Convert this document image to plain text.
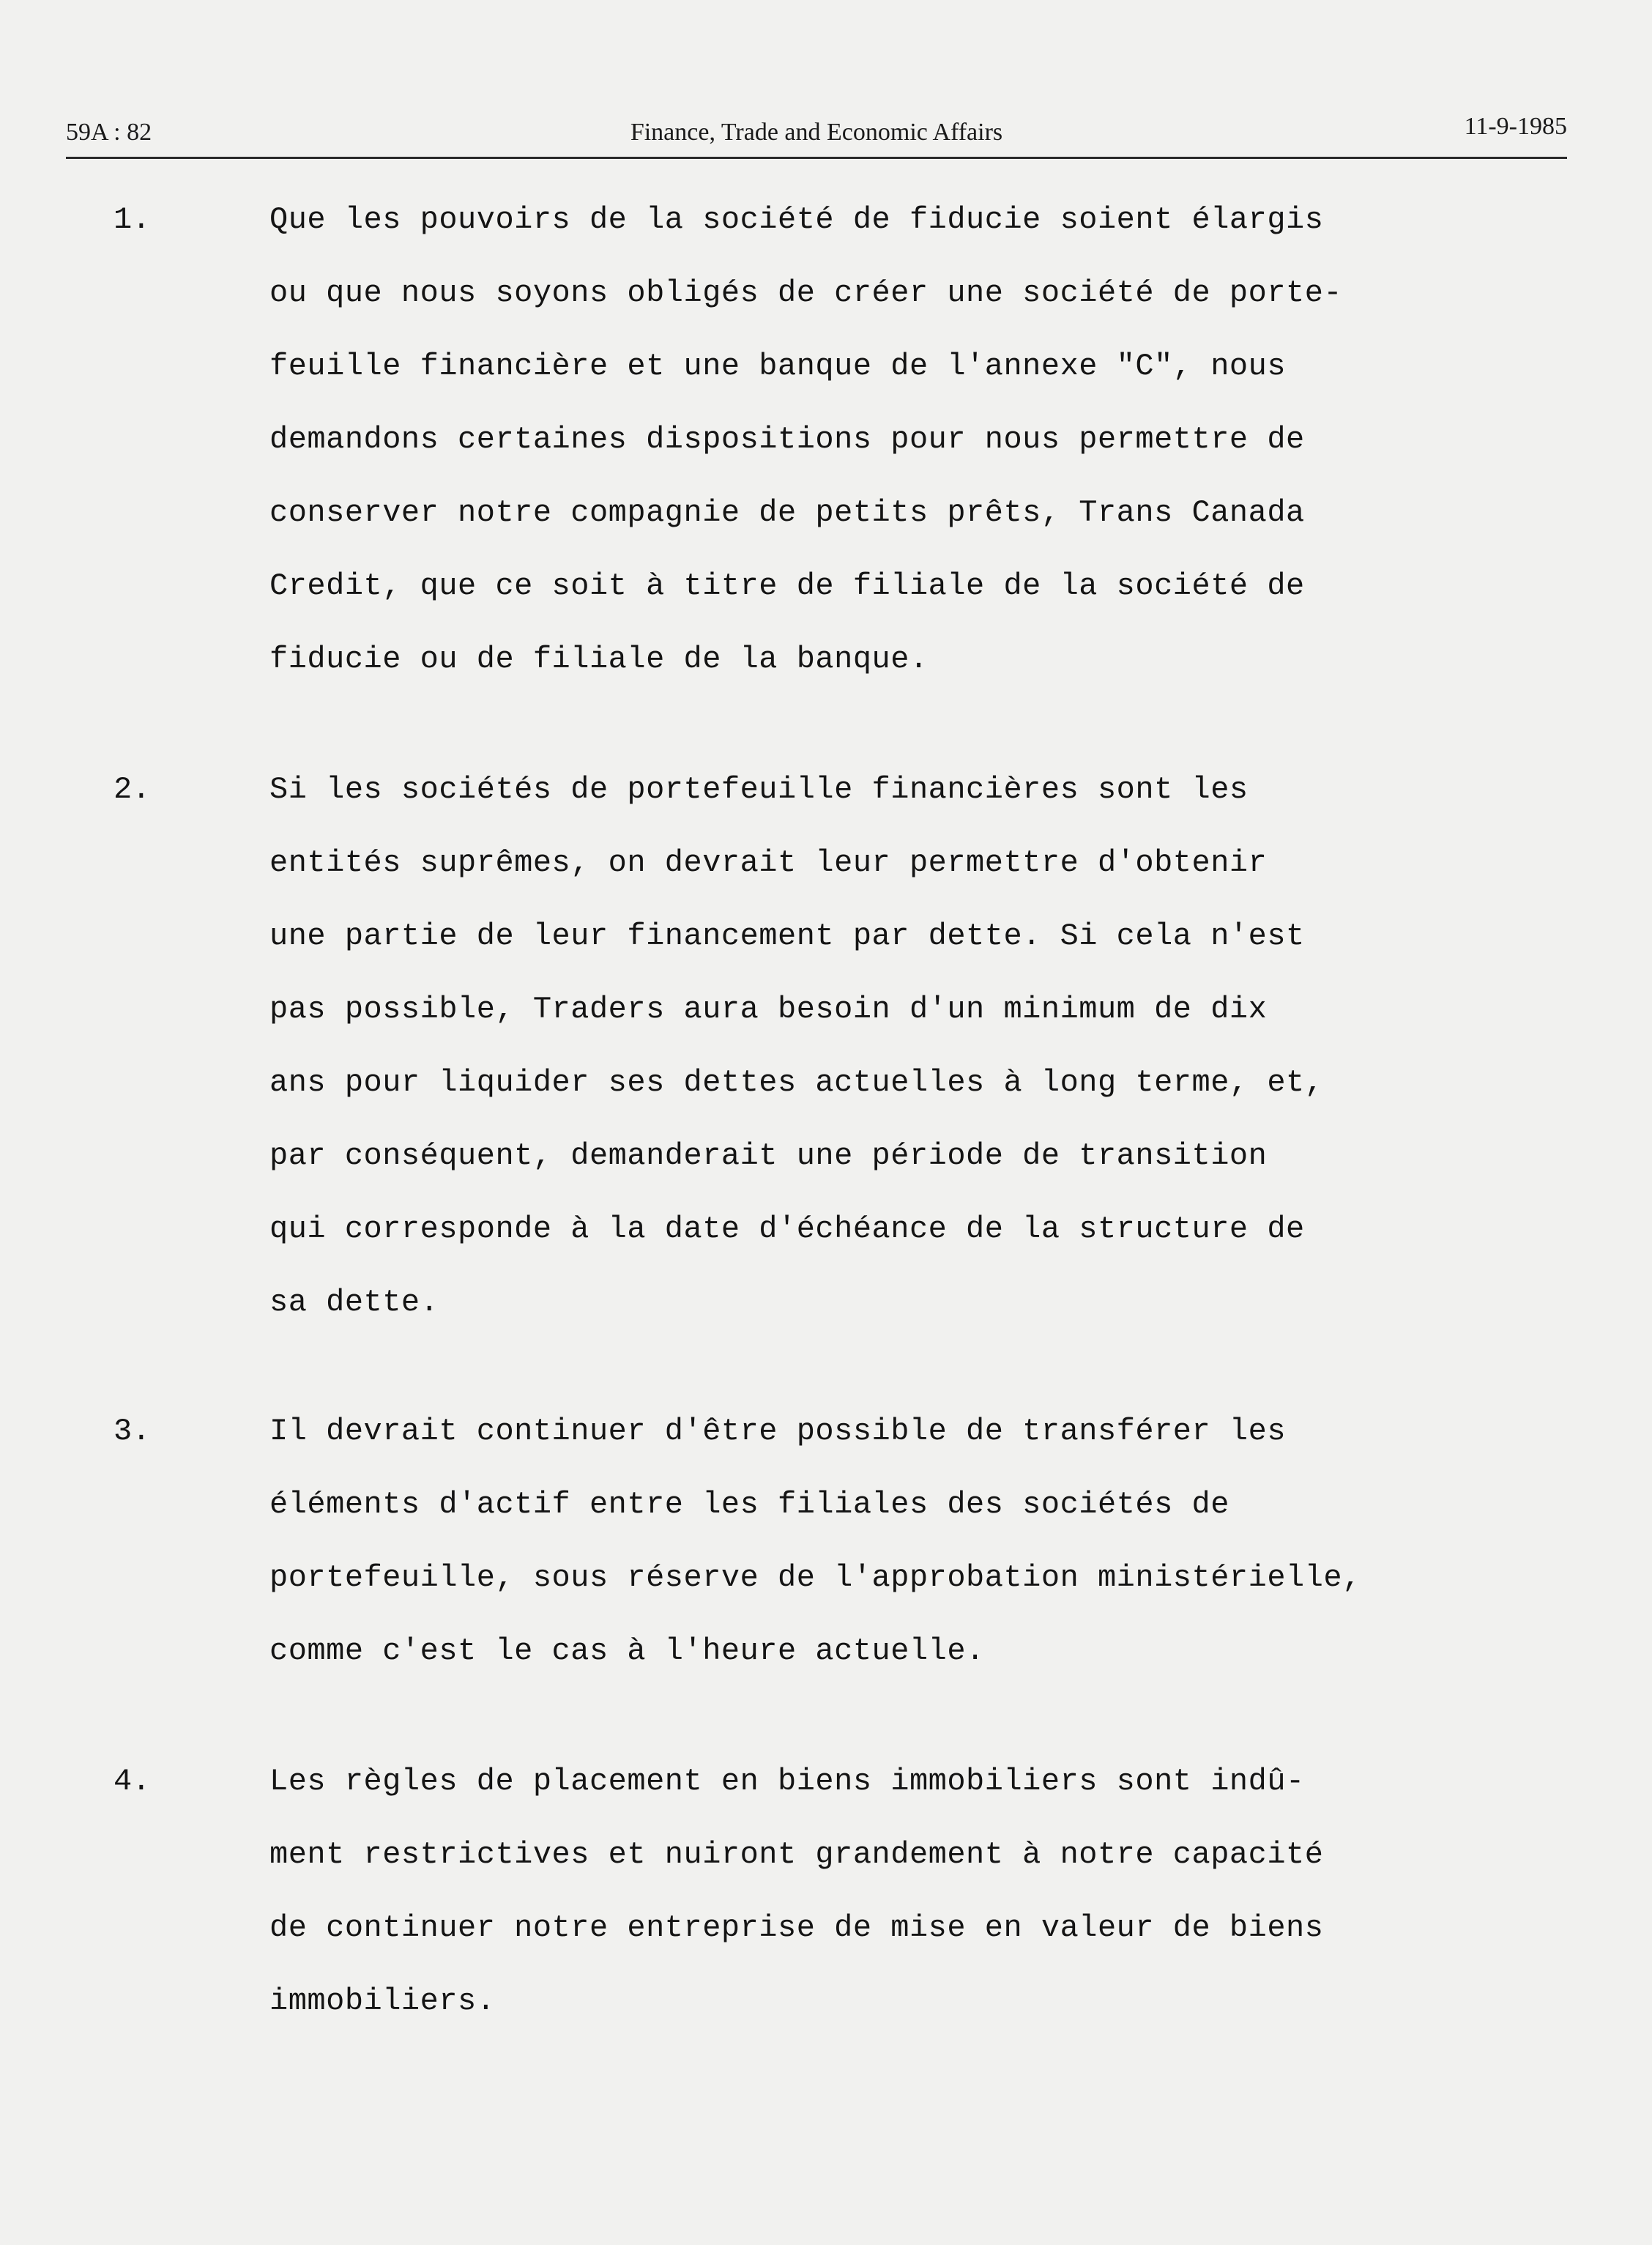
59A : 82	Finance, Trade and Economic Affairs	11-9-1985
1.	Que les pouvoirs de la société de fiducie soient élargis
ou que nous soyons obligés de créer une société de porte-
feuille financière et une banque de l'annexe "C", nous
demandons certaines dispositions pour nous permettre de
conserver notre compagnie de petits prêts, Trans Canada
Credit, que ce soit à titre de filiale de la société de
fiducie ou de filiale de la banque.
2.	Si les sociétés de portefeuille financières sont les
entités suprêmes, on devrait leur permettre d'obtenir
une partie de leur financement par dette. Si cela n'est
pas possible, Traders aura besoin d'un minimum de dix
ans pour liquider ses dettes actuelles à long terme, et,
par conséquent, demanderait une période de transition
qui corresponde à la date d'échéance de la structure de
sa dette.
3.	Il devrait continuer d'être possible de transférer les
éléments d'actif entre les filiales des sociétés de
portefeuille, sous réserve de l'approbation ministérielle,
comme c'est le cas à l'heure actuelle.
4.	Les règles de placement en biens immobiliers sont indû-
ment restrictives et nuiront grandement à notre capacité
de continuer notre entreprise de mise en valeur de biens
immobiliers.
